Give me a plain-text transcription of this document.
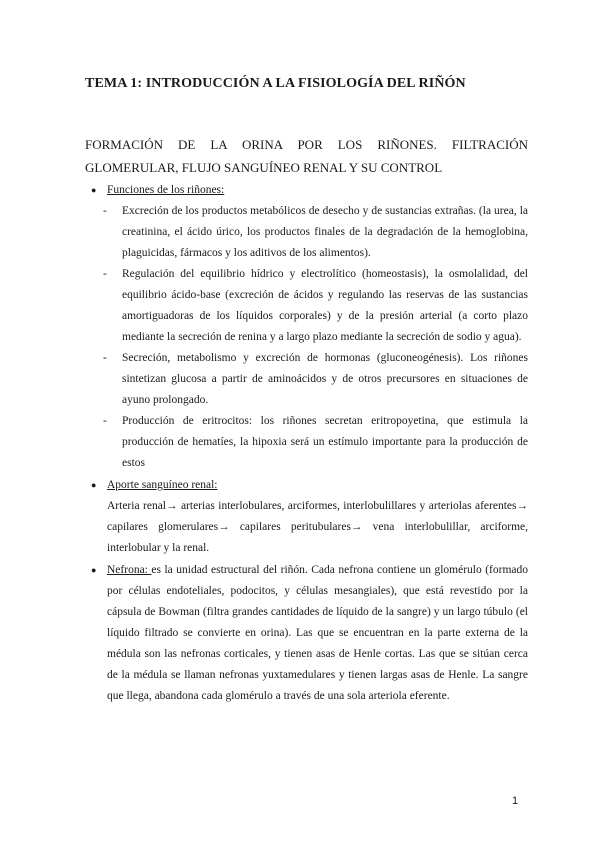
TEMA 1: INTRODUCCIÓN A LA FISIOLOGÍA DEL RIÑÓN

FORMACIÓN DE LA ORINA POR LOS RIÑONES. FILTRACIÓN GLOMERULAR, FLUJO SANGUÍNEO RENAL Y SU CONTROL

● Funciones de los riñones:
- Excreción de los productos metabólicos de desecho y de sustancias extrañas. (la urea, la creatinina, el ácido úrico, los productos finales de la degradación de la hemoglobina, plaguicidas, fármacos y los aditivos de los alimentos).
- Regulación del equilibrio hídrico y electrolítico (homeostasis), la osmolalidad, del equilibrio ácido-base (excreción de ácidos y regulando las reservas de las sustancias amortiguadoras de los líquidos corporales) y de la presión arterial (a corto plazo mediante la secreción de renina y a largo plazo mediante la secreción de sodio y agua).
- Secreción, metabolismo y excreción de hormonas (gluconeogénesis). Los riñones sintetizan glucosa a partir de aminoácidos y de otros precursores en situaciones de ayuno prolongado.
- Producción de eritrocitos: los riñones secretan eritropoyetina, que estimula la producción de hematíes, la hipoxia será un estímulo importante para la producción de estos
● Aporte sanguíneo renal:

Arteria renal→ arterias interlobulares, arciformes, interlobulillares y arteriolas aferentes→ capilares glomerulares→ capilares peritubulares→ vena interlobulillar, arciforme, interlobular y la renal.

● Nefrona: es la unidad estructural del riñón. Cada nefrona contiene un glomérulo (formado por células endoteliales, podocitos, y células mesangiales), que está revestido por la cápsula de Bowman (filtra grandes cantidades de líquido de la sangre) y un largo túbulo (el líquido filtrado se convierte en orina). Las que se encuentran en la parte externa de la médula son las nefronas corticales, y tienen asas de Henle cortas. Las que se sitúan cerca de la médula se llaman nefronas yuxtamedulares y tienen largas asas de Henle. La sangre que llega, abandona cada glomérulo a través de una sola arteriola eferente.

1
